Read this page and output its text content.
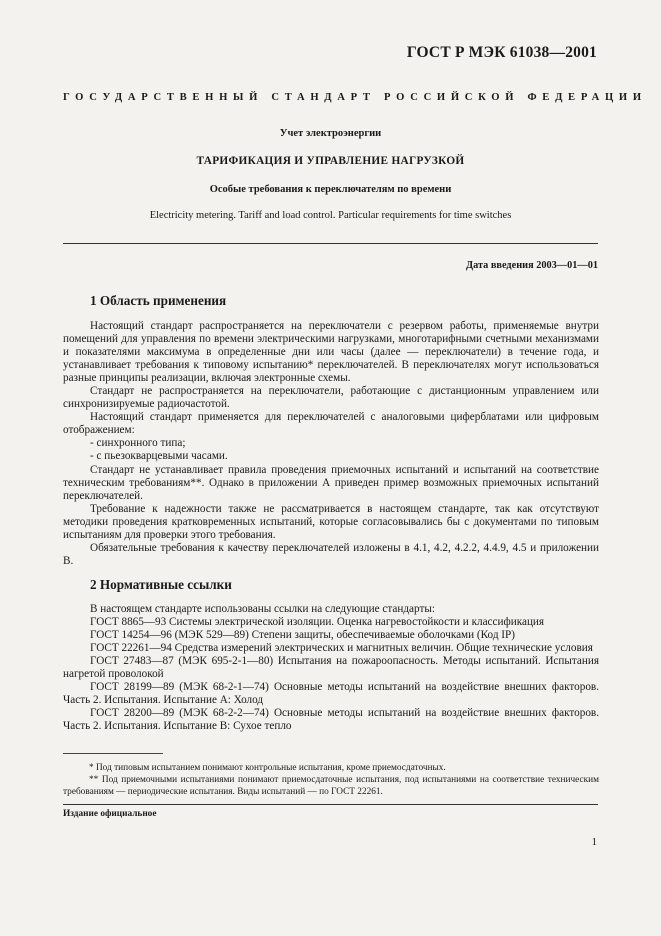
ГОСТ Р МЭК 61038—2001
ГОСУДАРСТВЕННЫЙ СТАНДАРТ РОССИЙСКОЙ ФЕДЕРАЦИИ
Учет электроэнергии
ТАРИФИКАЦИЯ И УПРАВЛЕНИЕ НАГРУЗКОЙ
Особые требования к переключателям по времени
Electricity metering. Tariff and load control. Particular requirements for time switches
Дата введения 2003—01—01
1 Область применения

Настоящий стандарт распространяется на переключатели с резервом работы, применяемые внутри помещений для управления по времени электрическими нагрузками, многотарифными счетными механизмами и показателями максимума в определенные дни или часы (далее — переключатели) в течение года, и устанавливает требования к типовому испытанию* переключателей. В переключателях могут использоваться разные принципы реализации, включая электронные схемы.

Стандарт не распространяется на переключатели, работающие с дистанционным управлением или синхронизируемые радиочастотой.

Настоящий стандарт применяется для переключателей с аналоговыми циферблатами или цифровым отображением:

- синхронного типа;

- с пьезокварцевыми часами.

Стандарт не устанавливает правила проведения приемочных испытаний и испытаний на соответствие техническим требованиям**. Однако в приложении А приведен пример возможных приемочных испытаний переключателей.

Требование к надежности также не рассматривается в настоящем стандарте, так как отсутствуют методики проведения кратковременных испытаний, которые согласовывались бы с документами по типовым испытаниям для проверки этого требования.

Обязательные требования к качеству переключателей изложены в 4.1, 4.2, 4.2.2, 4.4.9, 4.5 и приложении В.

2 Нормативные ссылки

В настоящем стандарте использованы ссылки на следующие стандарты:

ГОСТ 8865—93 Системы электрической изоляции. Оценка нагревостойкости и классификация

ГОСТ 14254—96 (МЭК 529—89) Степени защиты, обеспечиваемые оболочками (Код IP)

ГОСТ 22261—94 Средства измерений электрических и магнитных величин. Общие технические условия

ГОСТ 27483—87 (МЭК 695-2-1—80) Испытания на пожароопасность. Методы испытаний. Испытания нагретой проволокой

ГОСТ 28199—89 (МЭК 68-2-1—74) Основные методы испытаний на воздействие внешних факторов. Часть 2. Испытания. Испытание А: Холод

ГОСТ 28200—89 (МЭК 68-2-2—74) Основные методы испытаний на воздействие внешних факторов. Часть 2. Испытания. Испытание В: Сухое тепло

* Под типовым испытанием понимают контрольные испытания, кроме приемосдаточных.

** Под приемочными испытаниями понимают приемосдаточные испытания, под испытаниями на соответствие техническим требованиям — периодические испытания. Виды испытаний — по ГОСТ 22261.

Издание официальное
1
